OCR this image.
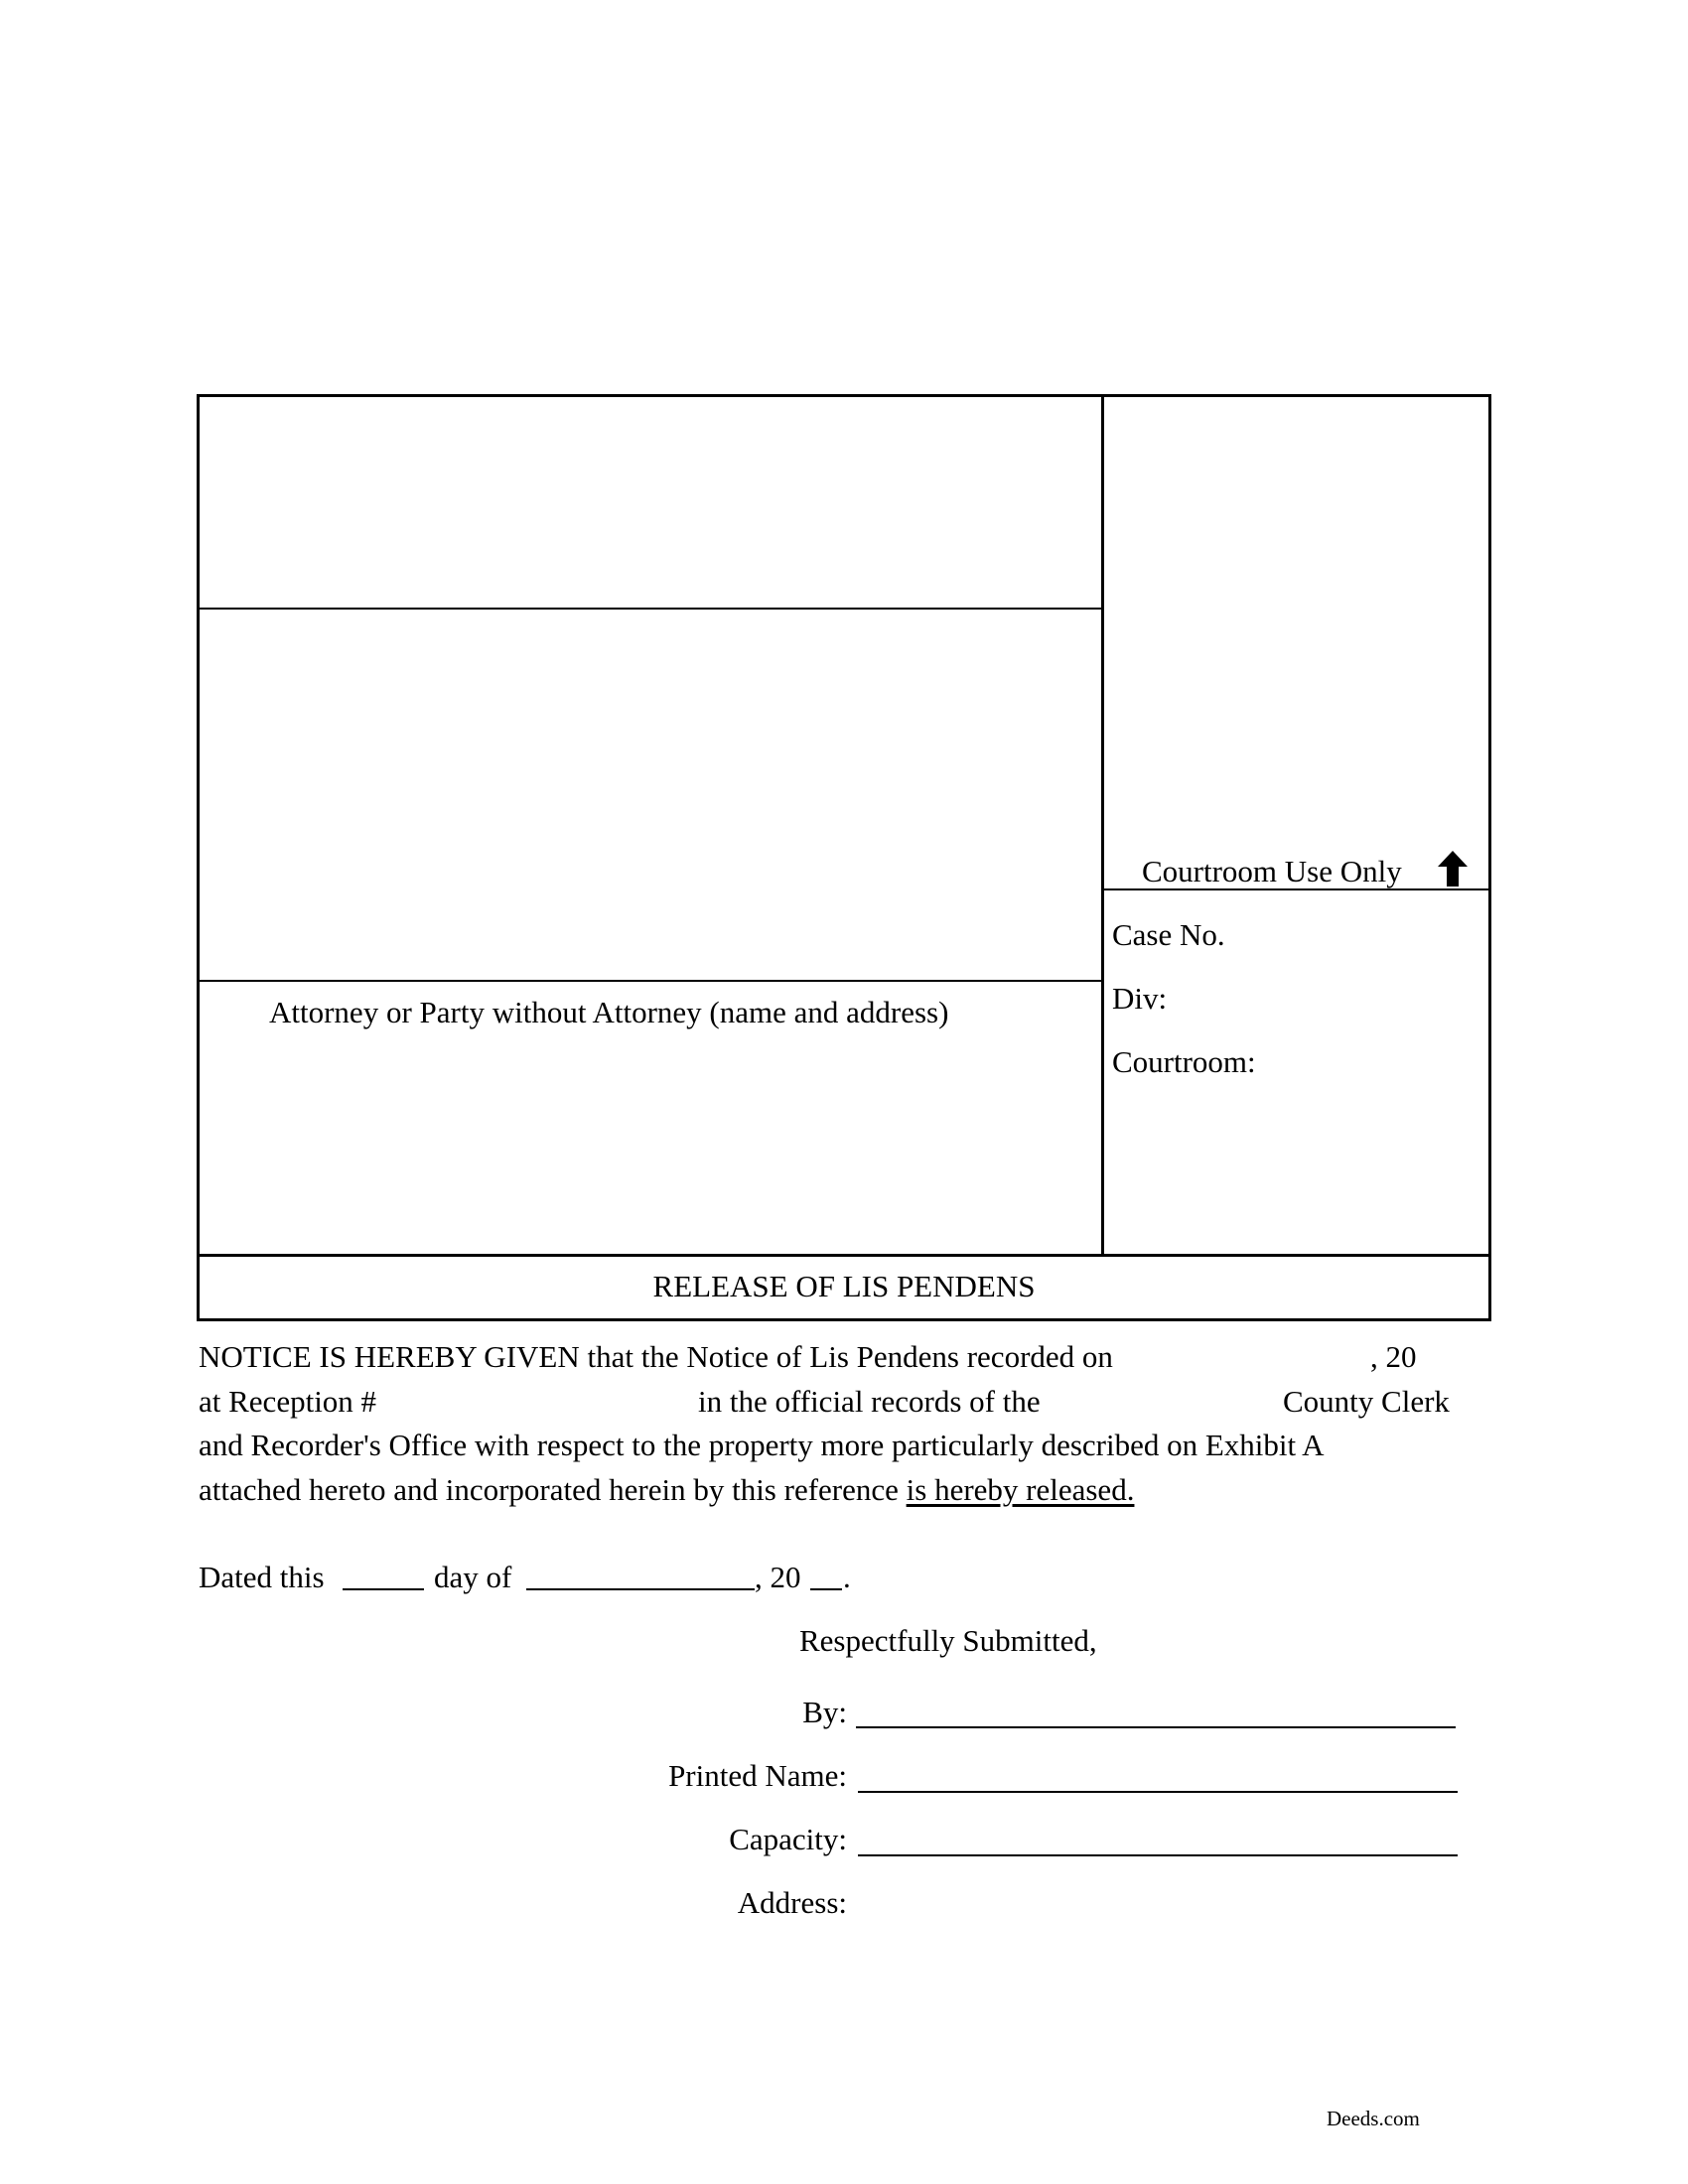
Attorney or Party without Attorney (name and address)
Courtroom Use Only
Case No.
Div:
Courtroom:
RELEASE OF LIS PENDENS
NOTICE IS HEREBY GIVEN that the Notice of Lis Pendens recorded on	, 20
at Reception #	in the official records of the	County Clerk
and Recorder's Office with respect to the property more particularly described on Exhibit A
attached hereto and incorporated herein by this reference is hereby released.
Dated this	day of	, 20 .
Respectfully Submitted,
By:
Printed Name:
Capacity:
Address:
Deeds.com
